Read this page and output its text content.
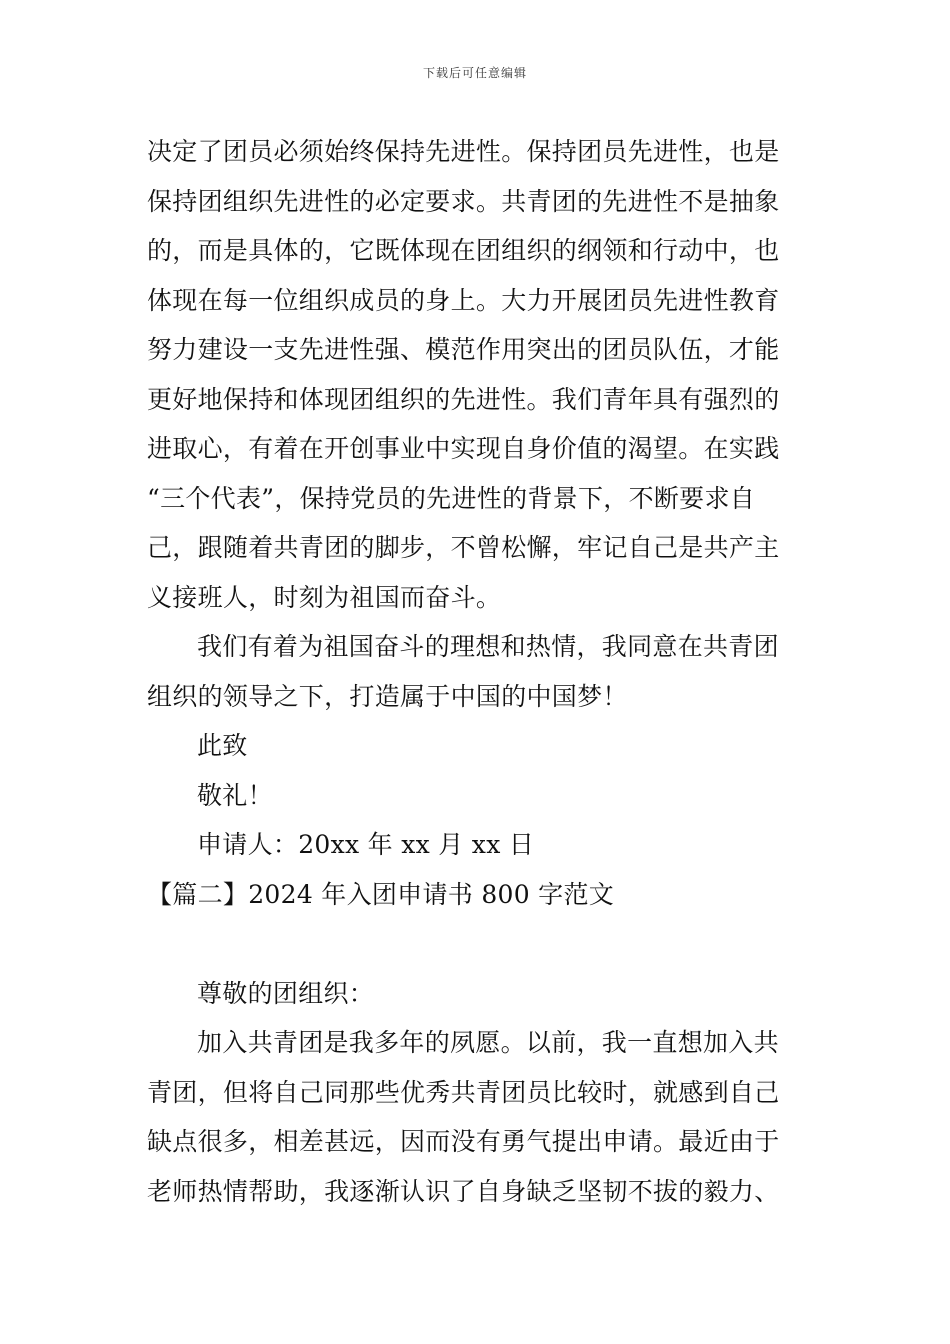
下载后可任意编辑
决定了团员必须始终保持先进性。保持团员先进性，也是
保持团组织先进性的必定要求。共青团的先进性不是抽象
的，而是具体的，它既体现在团组织的纲领和行动中，也
体现在每一位组织成员的身上。大力开展团员先进性教育
努力建设一支先进性强、模范作用突出的团员队伍，才能
更好地保持和体现团组织的先进性。我们青年具有强烈的
进取心，有着在开创事业中实现自身价值的渴望。在实践
“三个代表”，保持党员的先进性的背景下，不断要求自
己，跟随着共青团的脚步，不曾松懈，牢记自己是共产主
义接班人，时刻为祖国而奋斗。
我们有着为祖国奋斗的理想和热情，我同意在共青团
组织的领导之下，打造属于中国的中国梦！
此致
敬礼！
申请人：20xx 年 xx 月 xx 日
【篇二】2024 年入团申请书 800 字范文
尊敬的团组织：
加入共青团是我多年的夙愿。以前，我一直想加入共
青团，但将自己同那些优秀共青团员比较时，就感到自己
缺点很多，相差甚远，因而没有勇气提出申请。最近由于
老师热情帮助，我逐渐认识了自身缺乏坚韧不拔的毅力、
